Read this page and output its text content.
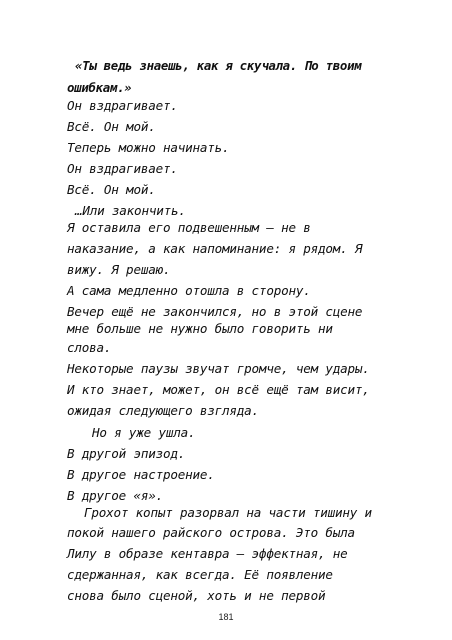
«Ты ведь знаешь, как я скучала. По твоим
ошибкам.»
Он вздрагивает.
Всё. Он мой.
Теперь можно начинать.
Он вздрагивает.
Всё. Он мой.
…Или закончить.
Я оставила его подвешенным — не в
наказание, а как напоминание: я рядом. Я
вижу. Я решаю.
А сама медленно отошла в сторону.
Вечер ещё не закончился, но в этой сцене
мне больше не нужно было говорить ни
слова.
Некоторые паузы звучат громче, чем удары.
И кто знает, может, он всё ещё там висит,
ожидая следующего взгляда.
Но я уже ушла.
В другой эпизод.
В другое настроение.
В другое «я».
Грохот копыт разорвал на части тишину и
покой нашего райского острова. Это была
Лилу в образе кентавра — эффектная, не
сдержанная, как всегда. Её появление
снова было сценой, хоть и не первой
181
